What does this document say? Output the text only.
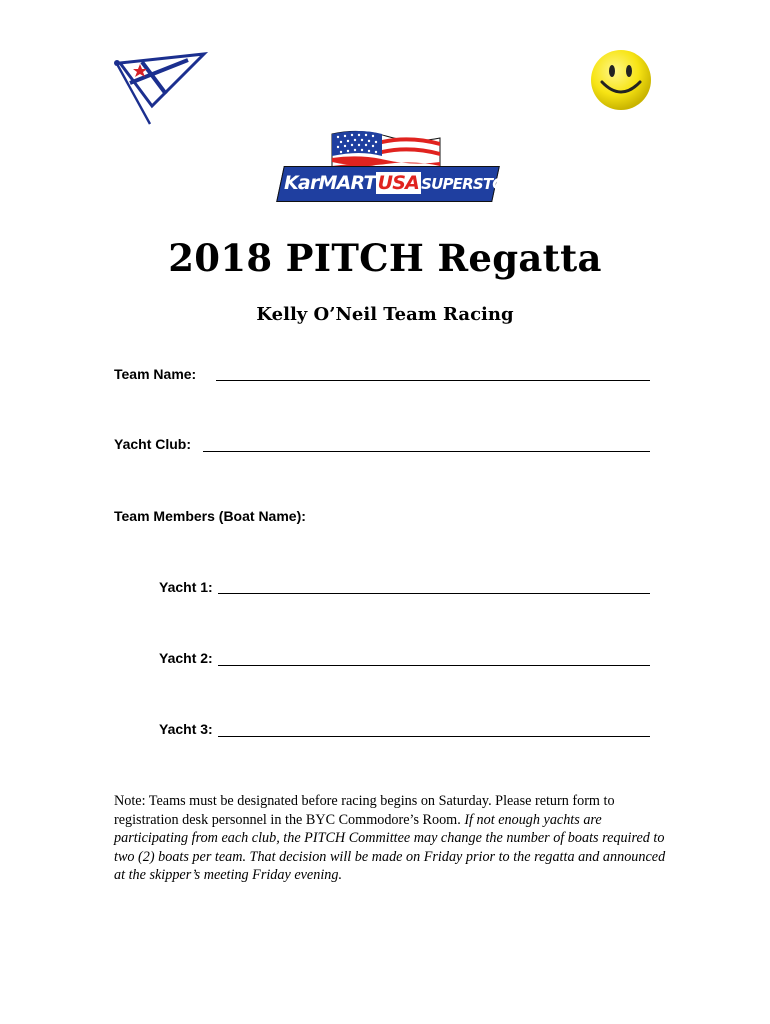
KarMART USA SUPERSTORES
2018 PITCH Regatta
Kelly O’Neil Team Racing
Team Name:
Yacht Club:
Team Members (Boat Name):
Yacht 1:
Yacht 2:
Yacht 3:
Note: Teams must be designated before racing begins on Saturday. Please return form to registration desk personnel in the BYC Commodore’s Room. If not enough yachts are participating from each club, the PITCH Committee may change the number of boats required to two (2) boats per team. That decision will be made on Friday prior to the regatta and announced at the skipper’s meeting Friday evening.
